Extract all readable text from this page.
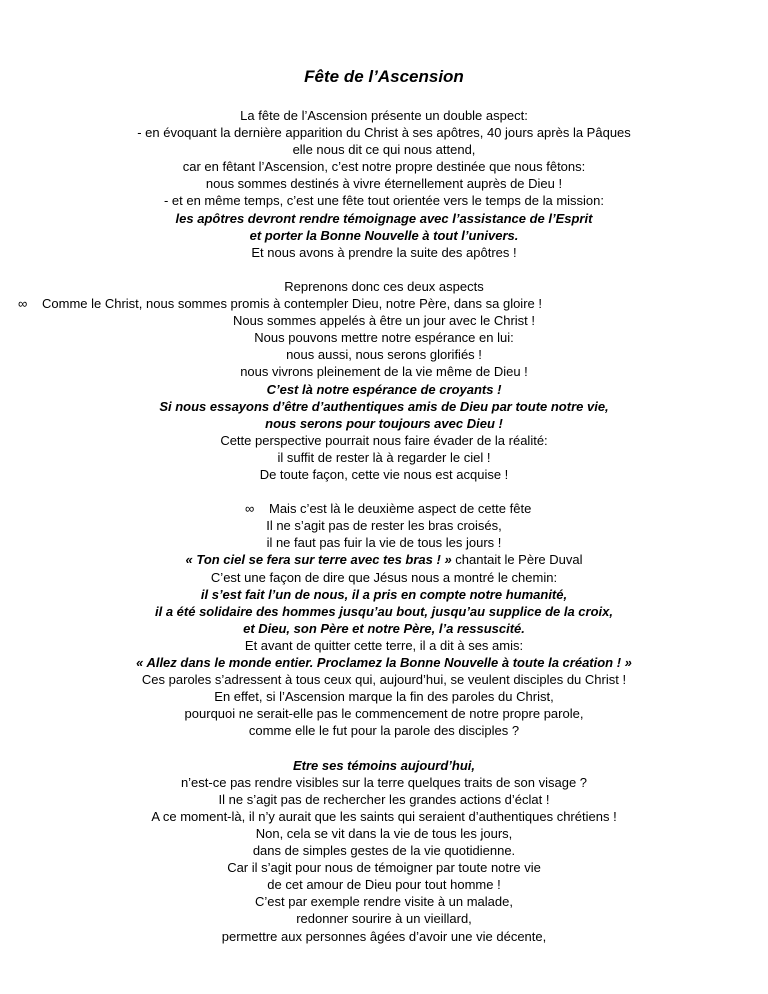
Fête de l’Ascension
La fête de l’Ascension présente un double aspect:
- en évoquant la dernière apparition du Christ à ses apôtres, 40 jours après la Pâques
elle nous dit ce qui nous attend,
car en fêtant l’Ascension, c’est notre propre destinée que nous fêtons:
nous sommes destinés à vivre éternellement auprès de Dieu !
- et en même temps, c’est une fête tout orientée vers le temps de la mission:
les apôtres devront rendre témoignage avec l’assistance de l’Esprit
et porter la Bonne Nouvelle à tout l’univers.
Et nous avons à prendre la suite des apôtres !
Reprenons donc ces deux aspects
∞ Comme le Christ, nous sommes promis à contempler Dieu, notre Père, dans sa gloire !
Nous sommes appelés à être un jour avec le Christ !
Nous pouvons mettre notre espérance en lui:
nous aussi, nous serons glorifiés !
nous vivrons pleinement de la vie même de Dieu !
C’est là notre espérance de croyants !
Si nous essayons d’être d’authentiques amis de Dieu par toute notre vie,
nous serons pour toujours avec Dieu !
Cette perspective pourrait nous faire évader de la réalité:
il suffit de rester là à regarder le ciel !
De toute façon, cette vie nous est acquise !
∞ Mais c’est là le deuxième aspect de cette fête
Il ne s’agit pas de rester les bras croisés,
il ne faut pas fuir la vie de tous les jours !
« Ton ciel se fera sur terre avec tes bras ! » chantait le Père Duval
C’est une façon de dire que Jésus nous a montré le chemin:
il s’est fait l’un de nous, il a pris en compte notre humanité,
il a été solidaire des hommes jusqu’au bout, jusqu’au supplice de la croix,
et Dieu, son Père et notre Père, l’a ressuscité.
Et avant de quitter cette terre, il a dit à ses amis:
« Allez dans le monde entier. Proclamez la Bonne Nouvelle à toute la création ! »
Ces paroles s’adressent à tous ceux qui, aujourd’hui, se veulent disciples du Christ !
En effet, si l’Ascension marque la fin des paroles du Christ,
pourquoi ne serait-elle pas le commencement de notre propre parole,
comme elle le fut pour la parole des disciples ?
Etre ses témoins aujourd’hui,
n’est-ce pas rendre visibles sur la terre quelques traits de son visage ?
Il ne s’agit pas de rechercher les grandes actions d’éclat !
A ce moment-là, il n’y aurait que les saints qui seraient d’authentiques chrétiens !
Non, cela se vit dans la vie de tous les jours,
dans de simples gestes de la vie quotidienne.
Car il s’agit pour nous de témoigner par toute notre vie
de cet amour de Dieu pour tout homme !
C’est par exemple rendre visite à un malade,
redonner sourire à un vieillard,
permettre aux personnes âgées d’avoir une vie décente,
